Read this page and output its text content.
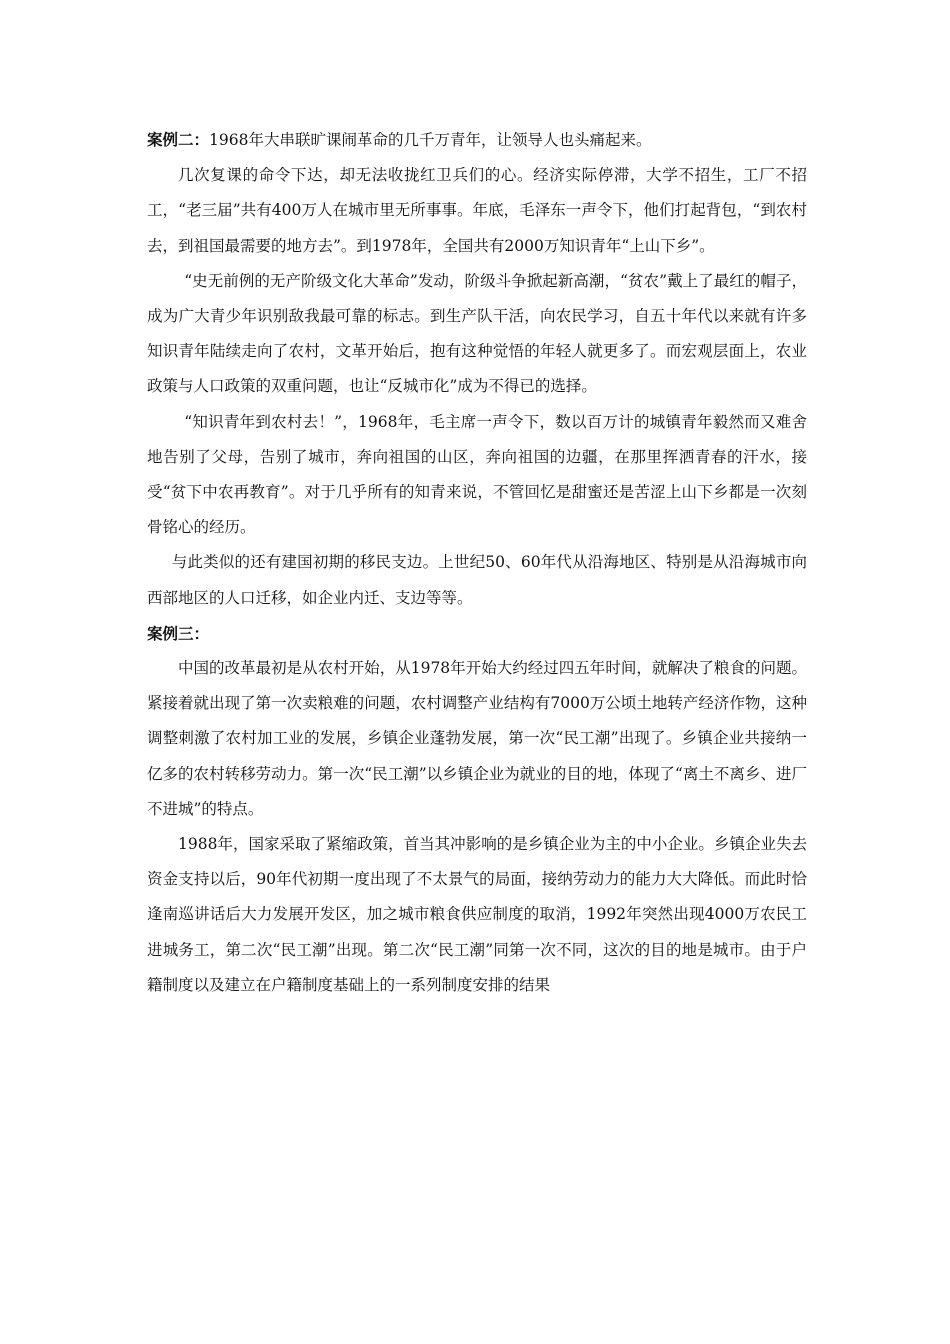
案例二：1968年大串联旷课闹革命的几千万青年，让领导人也头痛起来。

几次复课的命令下达，却无法收拢红卫兵们的心。经济实际停滞，大学不招生，工厂不招工，“老三届”共有400万人在城市里无所事事。年底，毛泽东一声令下，他们打起背包，“到农村去，到祖国最需要的地方去”。到1978年，全国共有2000万知识青年“上山下乡”。

“史无前例的无产阶级文化大革命”发动，阶级斗争掀起新高潮，“贫农”戴上了最红的帽子，成为广大青少年识别敌我最可靠的标志。到生产队干活，向农民学习，自五十年代以来就有许多知识青年陆续走向了农村，文革开始后，抱有这种觉悟的年轻人就更多了。而宏观层面上，农业政策与人口政策的双重问题，也让“反城市化”成为不得已的选择。

“知识青年到农村去！”，1968年，毛主席一声令下，数以百万计的城镇青年毅然而又难舍地告别了父母，告别了城市，奔向祖国的山区，奔向祖国的边疆，在那里挥洒青春的汗水，接受“贫下中农再教育”。对于几乎所有的知青来说，不管回忆是甜蜜还是苦涩上山下乡都是一次刻骨铭心的经历。

与此类似的还有建国初期的移民支边。上世纪50、60年代从沿海地区、特别是从沿海城市向西部地区的人口迁移，如企业内迁、支边等等。

案例三：

中国的改革最初是从农村开始，从1978年开始大约经过四五年时间，就解决了粮食的问题。紧接着就出现了第一次卖粮难的问题，农村调整产业结构有7000万公顷土地转产经济作物，这种调整刺激了农村加工业的发展，乡镇企业蓬勃发展，第一次“民工潮”出现了。乡镇企业共接纳一亿多的农村转移劳动力。第一次“民工潮”以乡镇企业为就业的目的地，体现了“离土不离乡、进厂不进城”的特点。

1988年，国家采取了紧缩政策，首当其冲影响的是乡镇企业为主的中小企业。乡镇企业失去资金支持以后，90年代初期一度出现了不太景气的局面，接纳劳动力的能力大大降低。而此时恰逢南巡讲话后大力发展开发区，加之城市粮食供应制度的取消，1992年突然出现4000万农民工进城务工，第二次“民工潮”出现。第二次“民工潮”同第一次不同，这次的目的地是城市。由于户籍制度以及建立在户籍制度基础上的一系列制度安排的结果
